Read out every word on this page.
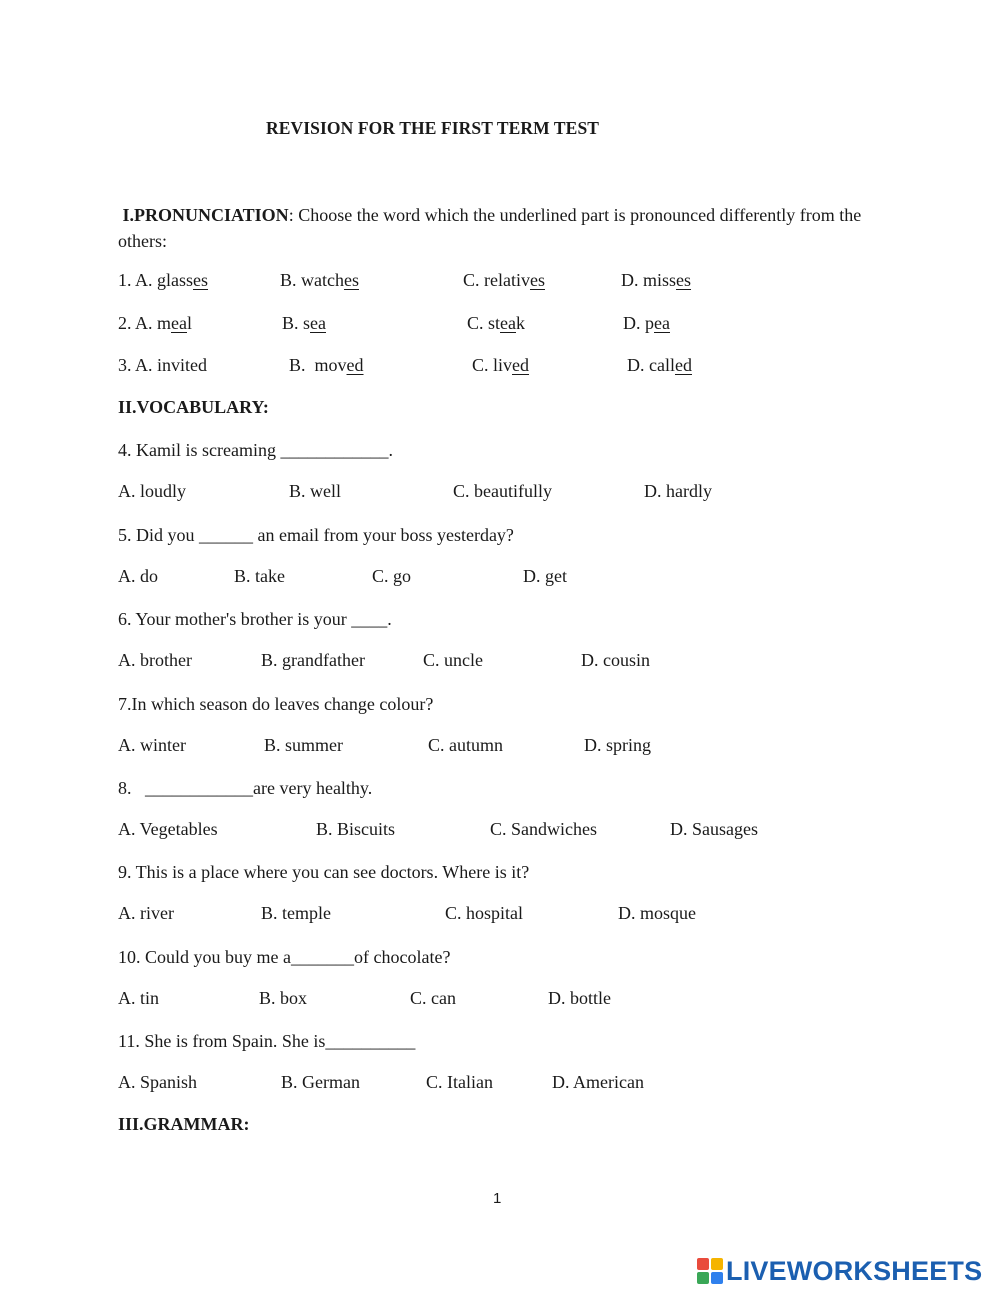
REVISION FOR THE FIRST TERM TEST
I.PRONUNCIATION: Choose the word which the underlined part is pronounced differently from the others:
1. A. glasses	B. watches	C. relatives	D. misses
2. A. meal	B. sea	C. steak	D. pea
3. A. invited	B.  moved	C. lived	D. called
II.VOCABULARY:
4. Kamil is screaming ____________.
A. loudly	B. well	C. beautifully	D. hardly
5. Did you ______ an email from your boss yesterday?
A. do	B. take	C. go	D. get
6. Your mother's brother is your ____.
A. brother	B. grandfather	C. uncle	D. cousin
7.In which season do leaves change colour?
A. winter	B. summer	C. autumn	D. spring
8.   ____________are very healthy.
A. Vegetables	B. Biscuits	C. Sandwiches	D. Sausages
9. This is a place where you can see doctors. Where is it?
A. river	B. temple	C. hospital	D. mosque
10. Could you buy me a_______of chocolate?
A. tin	B. box	C. can	D. bottle
11. She is from Spain. She is__________
A. Spanish	B. German	C. Italian	D. American
III.GRAMMAR:
1
LIVEWORKSHEETS
